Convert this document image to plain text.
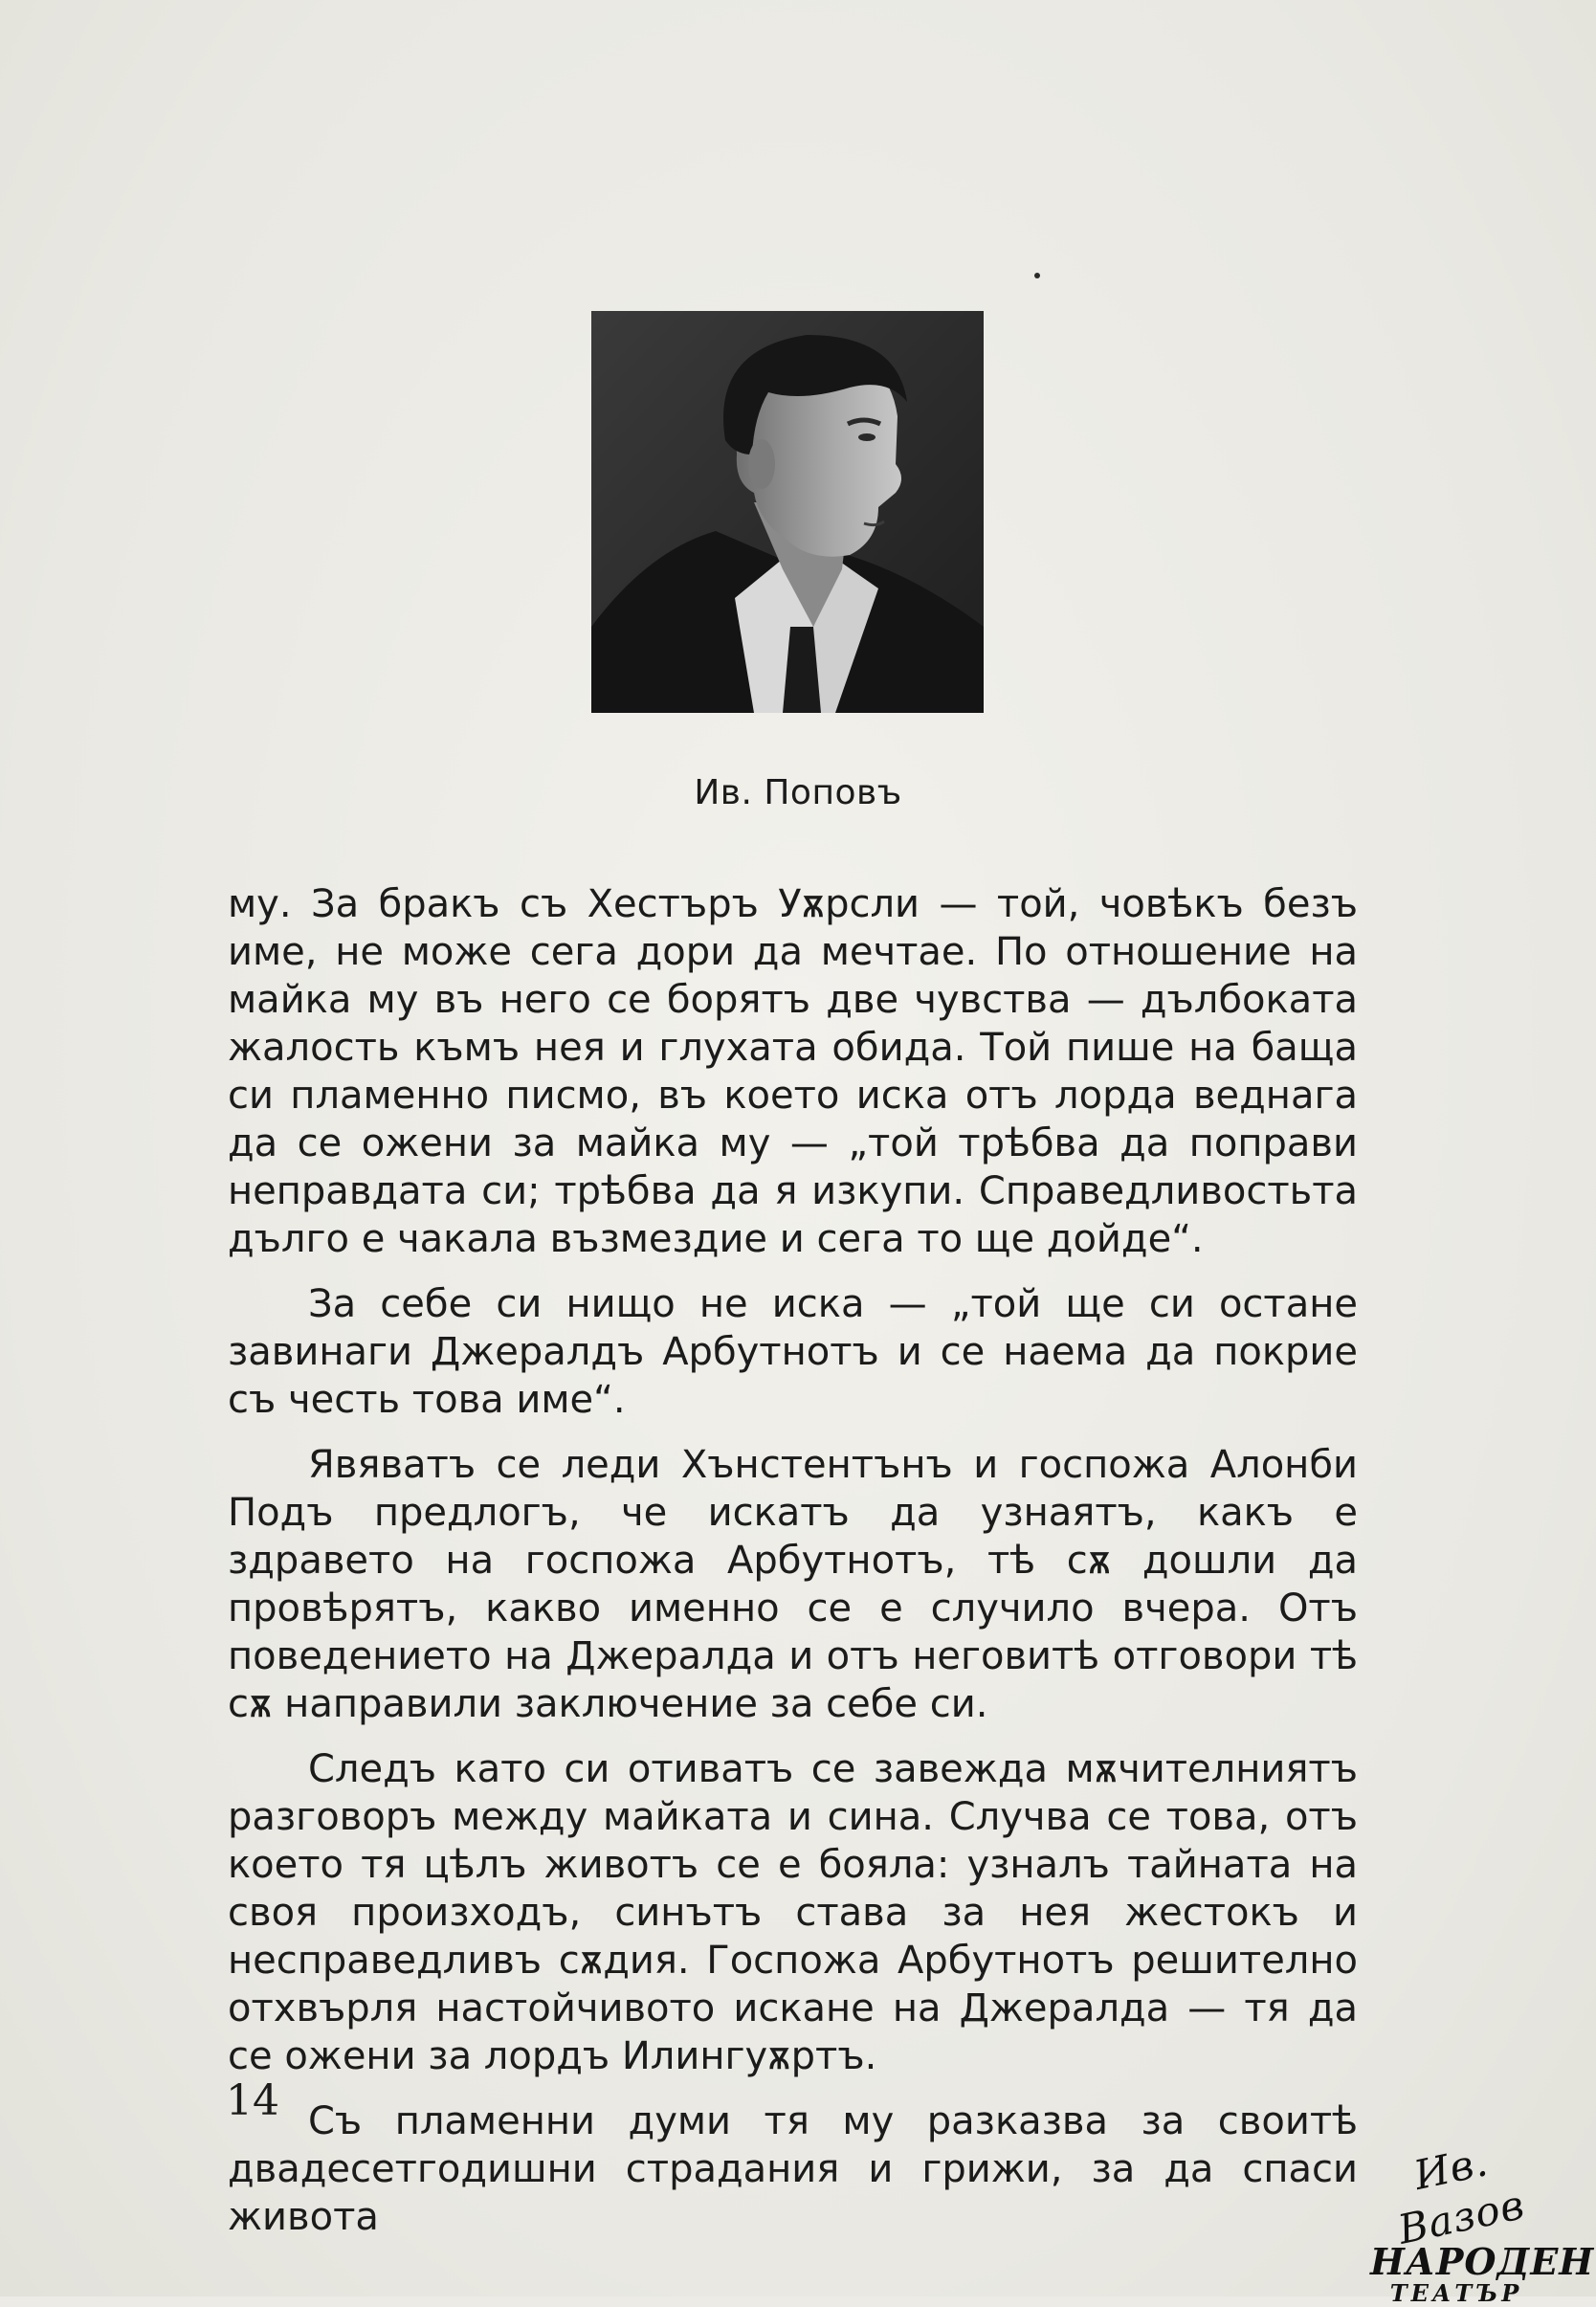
Ив. Поповъ

му. За бракъ съ Хестъръ Уѫрсли — той, човѣкъ безъ име, не може сега дори да мечтае. По отношение на майка му въ него се борятъ две чувства — дълбоката жалость къмъ нея и глухата обида. Той пише на баща си пламенно писмо, въ което иска отъ лорда веднага да се ожени за майка му — „той трѣбва да поправи неправдата си; трѣбва да я изкупи. Справедливостьта дълго е чакала възмездие и сега то ще дойде“.

За себе си нищо не иска — „той ще си остане завинаги Джералдъ Арбутнотъ и се наема да покрие съ честь това име“.

Явяватъ се леди Хънстентънъ и госпожа Алонби Подъ предлогъ, че искатъ да узнаятъ, какъ е здравето на госпожа Арбутнотъ, тѣ сѫ дошли да провѣрятъ, какво именно се е случило вчера. Отъ поведението на Джералда и отъ неговитѣ отговори тѣ сѫ направили заключение за себе си.

Следъ като си отиватъ се завежда мѫчителниятъ разговоръ между майката и сина. Случва се това, отъ което тя цѣлъ животъ се е бояла: узналъ тайната на своя произходъ, синътъ става за нея жестокъ и несправедливъ сѫдия. Госпожа Арбутнотъ решително отхвърля настойчивото искане на Джералда — тя да се ожени за лордъ Илингуѫртъ.

Съ пламенни думи тя му разказва за своитѣ двадесетгодишни страдания и грижи, за да спаси живота

14
Ив. Вазов
НАРОДЕН
ТЕАТЪР
